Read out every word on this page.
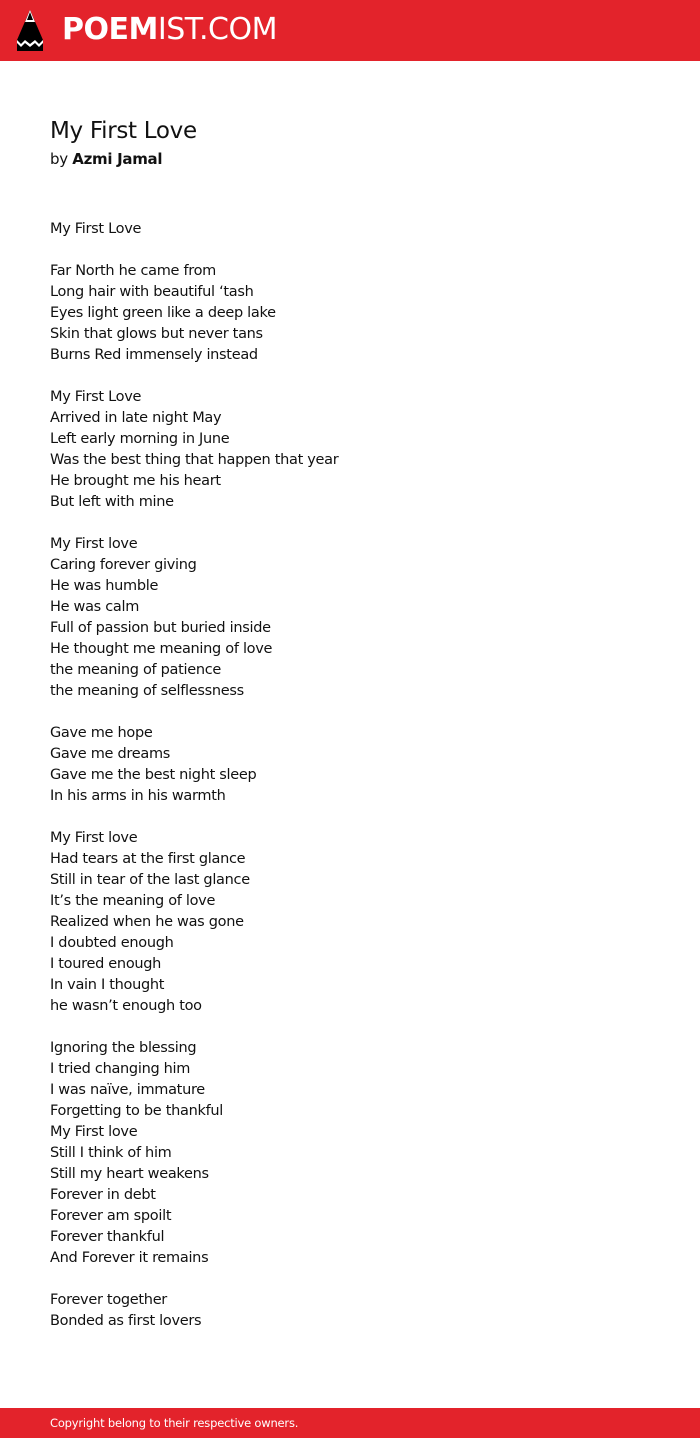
POEMIST.COM
My First Love
by Azmi Jamal
My First Love
Far North he came from
Long hair with beautiful ‘tash
Eyes light green like a deep lake
Skin that glows but never tans
Burns Red immensely instead
My First Love
Arrived in late night May
Left early morning in June
Was the best thing that happen that year
He brought me his heart
But left with mine
My First love
Caring forever giving
He was humble
He was calm
Full of passion but buried inside
He thought me meaning of love
the meaning of patience
the meaning of selflessness
Gave me hope
Gave me dreams
Gave me the best night sleep
In his arms in his warmth
My First love
Had tears at the first glance
Still in tear of the last glance
It’s the meaning of love
Realized when he was gone
I doubted enough
I toured enough
In vain I thought
he wasn’t enough too
Ignoring the blessing
I tried changing him
I was naïve, immature
Forgetting to be thankful
My First love
Still I think of him
Still my heart weakens
Forever in debt
Forever am spoilt
Forever thankful
And Forever it remains
Forever together
Bonded as first lovers
Copyright belong to their respective owners.
